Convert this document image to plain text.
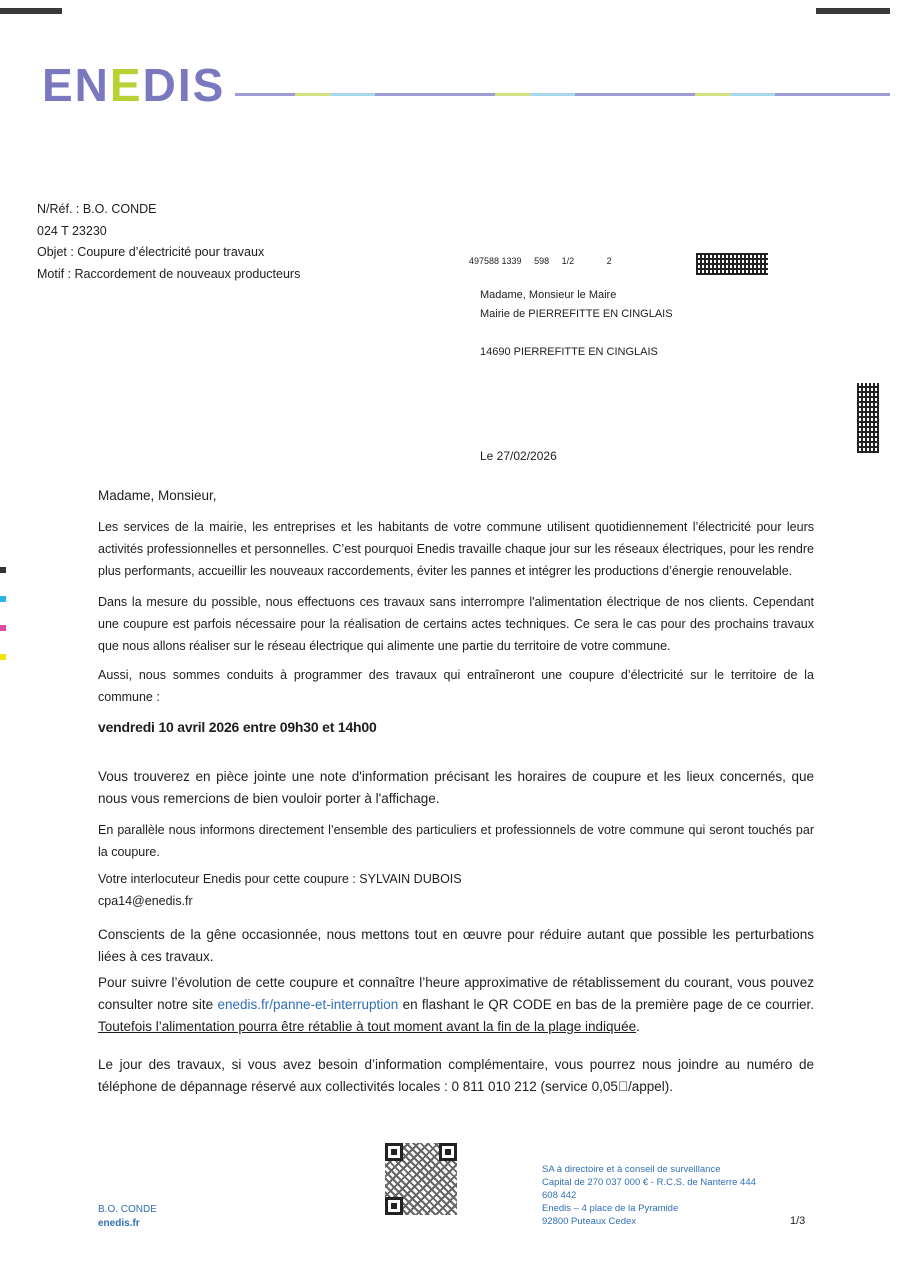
ENEDIS
N/Réf. : B.O. CONDE
024 T 23230
Objet : Coupure d’électricité pour travaux
Motif : Raccordement de nouveaux producteurs
497588 1339 598 1/2	2
Madame, Monsieur le Maire
Mairie de PIERREFITTE EN CINGLAIS
14690 PIERREFITTE EN CINGLAIS
Le 27/02/2026
Madame, Monsieur,
Les services de la mairie, les entreprises et les habitants de votre commune utilisent quotidiennement l’électricité pour leurs activités professionnelles et personnelles. C’est pourquoi Enedis travaille chaque jour sur les réseaux électriques, pour les rendre plus performants, accueillir les nouveaux raccordements, éviter les pannes et intégrer les productions d’énergie renouvelable.
Dans la mesure du possible, nous effectuons ces travaux sans interrompre l'alimentation électrique de nos clients. Cependant une coupure est parfois nécessaire pour la réalisation de certains actes techniques. Ce sera le cas pour des prochains travaux que nous allons réaliser sur le réseau électrique qui alimente une partie du territoire de votre commune.
Aussi, nous sommes conduits à programmer des travaux qui entraîneront une coupure d’électricité sur le territoire de la commune :
vendredi 10 avril 2026 entre 09h30 et 14h00
Vous trouverez en pièce jointe une note d'information précisant les horaires de coupure et les lieux concernés, que nous vous remercions de bien vouloir porter à l'affichage.
En parallèle nous informons directement l’ensemble des particuliers et professionnels de votre commune qui seront touchés par la coupure.
Votre interlocuteur Enedis pour cette coupure : SYLVAIN DUBOIS
cpa14@enedis.fr
Conscients de la gêne occasionnée, nous mettons tout en œuvre pour réduire autant que possible les perturbations liées à ces travaux.
Pour suivre l’évolution de cette coupure et connaître l’heure approximative de rétablissement du courant, vous pouvez consulter notre site enedis.fr/panne-et-interruption en flashant le QR CODE en bas de la première page de ce courrier. Toutefois l’alimentation pourra être rétablie à tout moment avant la fin de la plage indiquée.
Le jour des travaux, si vous avez besoin d’information complémentaire, vous pourrez nous joindre au numéro de téléphone de dépannage réservé aux collectivités locales : 0 811 010 212 (service 0,05 /appel).
B.O. CONDE
enedis.fr
SA à directoire et à conseil de surveillance
Capital de 270 037 000 € - R.C.S. de Nanterre 444
608 442
Enedis – 4 place de la Pyramide
92800 Puteaux Cedex	1/3
